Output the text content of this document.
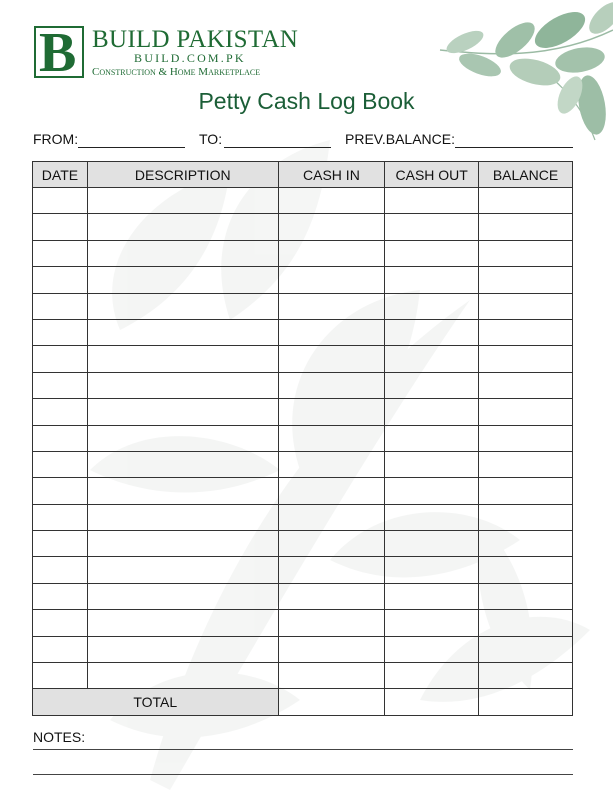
B BUILD PAKISTAN
BUILD.COM.PK
Construction & Home Marketplace
Petty Cash Log Book
FROM:	TO:	PREV.BALANCE:
DATE	DESCRIPTION	CASH IN	CASH OUT	BALANCE

TOTAL				
NOTES:
